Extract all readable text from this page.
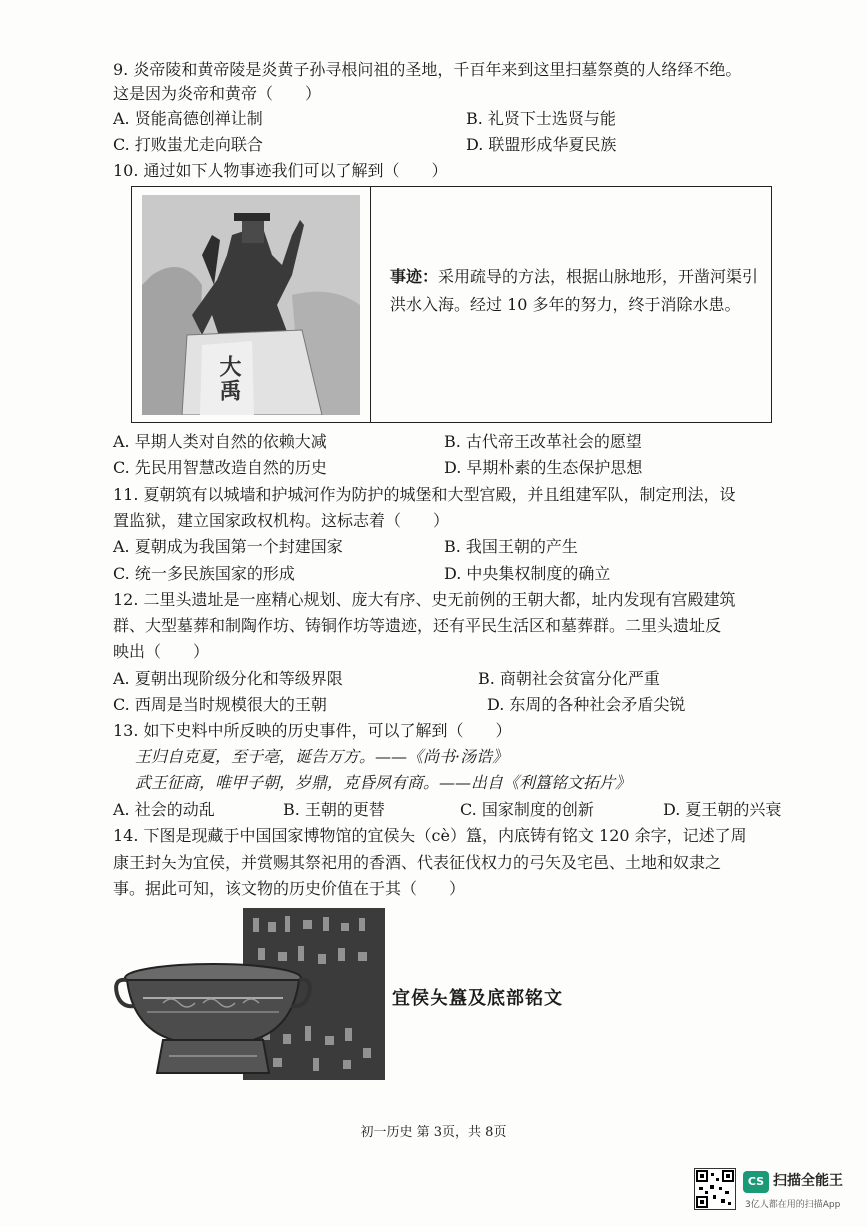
9. 炎帝陵和黄帝陵是炎黄子孙寻根问祖的圣地，千百年来到这里扫墓祭奠的人络绎不绝。
这是因为炎帝和黄帝（　　）
A. 贤能高德创禅让制	B. 礼贤下士选贤与能
C. 打败蚩尤走向联合	D. 联盟形成华夏民族
10. 通过如下人物事迹我们可以了解到（　　）
大禹
事迹：采用疏导的方法，根据山脉地形，开凿河渠引洪水入海。经过 10 多年的努力，终于消除水患。
A. 早期人类对自然的依赖大减	B. 古代帝王改革社会的愿望
C. 先民用智慧改造自然的历史	D. 早期朴素的生态保护思想
11. 夏朝筑有以城墙和护城河作为防护的城堡和大型宫殿，并且组建军队，制定刑法，设
置监狱，建立国家政权机构。这标志着（　　）
A. 夏朝成为我国第一个封建国家	B. 我国王朝的产生
C. 统一多民族国家的形成	D. 中央集权制度的确立
12. 二里头遗址是一座精心规划、庞大有序、史无前例的王朝大都，址内发现有宫殿建筑
群、大型墓葬和制陶作坊、铸铜作坊等遗迹，还有平民生活区和墓葬群。二里头遗址反
映出（　　）
A. 夏朝出现阶级分化和等级界限	B. 商朝社会贫富分化严重
C. 西周是当时规模很大的王朝	D. 东周的各种社会矛盾尖锐
13. 如下史料中所反映的历史事件，可以了解到（　　）
王归自克夏，至于亳，诞告万方。——《尚书·汤诰》
武王征商，唯甲子朝，岁鼎，克昏夙有商。——出自《利簋铭文拓片》
A. 社会的动乱	B. 王朝的更替	C. 国家制度的创新	D. 夏王朝的兴衰
14. 下图是现藏于中国国家博物馆的宜侯夨（cè）簋，内底铸有铭文 120 余字，记述了周
康王封夨为宜侯，并赏赐其祭祀用的香酒、代表征伐权力的弓矢及宅邑、土地和奴隶之
事。据此可知，该文物的历史价值在于其（　　）
宜侯夨簋及底部铭文
初一历史 第 3页，共 8页
CS 扫描全能王
3亿人都在用的扫描App
